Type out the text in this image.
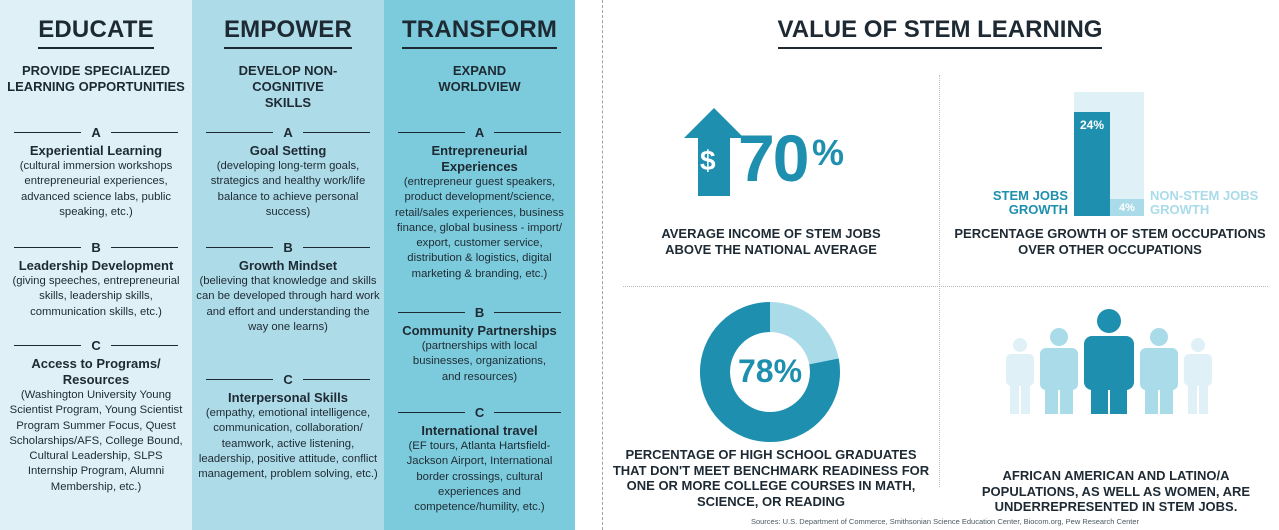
EDUCATE
PROVIDE SPECIALIZED LEARNING OPPORTUNITIES
A
Experiential Learning
(cultural immersion workshops entrepreneurial experiences, advanced science labs, public speaking, etc.)
B
Leadership Development
(giving speeches, entrepreneurial skills, leadership skills, communication skills, etc.)
C
Access to Programs/ Resources
(Washington University Young Scientist Program, Young Scientist Program Summer Focus, Quest Scholarships/AFS, College Bound, Cultural Leadership, SLPS Internship Program, Alumni Membership, etc.)
EMPOWER
DEVELOP NON-COGNITIVE SKILLS
A
Goal Setting
(developing long-term goals, strategics and healthy work/life balance to achieve personal success)
B
Growth Mindset
(believing that knowledge and skills can be developed through hard work and effort and understanding the way one learns)
C
Interpersonal Skills
(empathy, emotional intelligence, communication, collaboration/ teamwork, active listening, leadership, positive attitude, conflict management, problem solving, etc.)
TRANSFORM
EXPAND WORLDVIEW
A
Entrepreneurial Experiences
(entrepreneur guest speakers, product development/science, retail/sales experiences, business finance, global business - import/ export, customer service, distribution & logistics, digital marketing & branding, etc.)
B
Community Partnerships
(partnerships with local businesses, organizations, and resources)
C
International travel
(EF tours, Atlanta Hartsfield-Jackson Airport, International border crossings, cultural experiences and competence/humility, etc.)
VALUE OF STEM LEARNING
$ 70 %
AVERAGE INCOME OF STEM JOBS ABOVE THE NATIONAL AVERAGE
STEM JOBS GROWTH
24%
4%
NON-STEM JOBS GROWTH
PERCENTAGE GROWTH OF STEM OCCUPATIONS OVER OTHER OCCUPATIONS
78%
PERCENTAGE OF HIGH SCHOOL GRADUATES THAT DON'T MEET BENCHMARK READINESS FOR ONE OR MORE COLLEGE COURSES IN MATH, SCIENCE, OR READING
AFRICAN AMERICAN AND LATINO/A POPULATIONS, AS WELL AS WOMEN, ARE UNDERREPRESENTED IN STEM JOBS.
Sources: U.S. Department of Commerce, Smithsonian Science Education Center, Biocom.org, Pew Research Center
